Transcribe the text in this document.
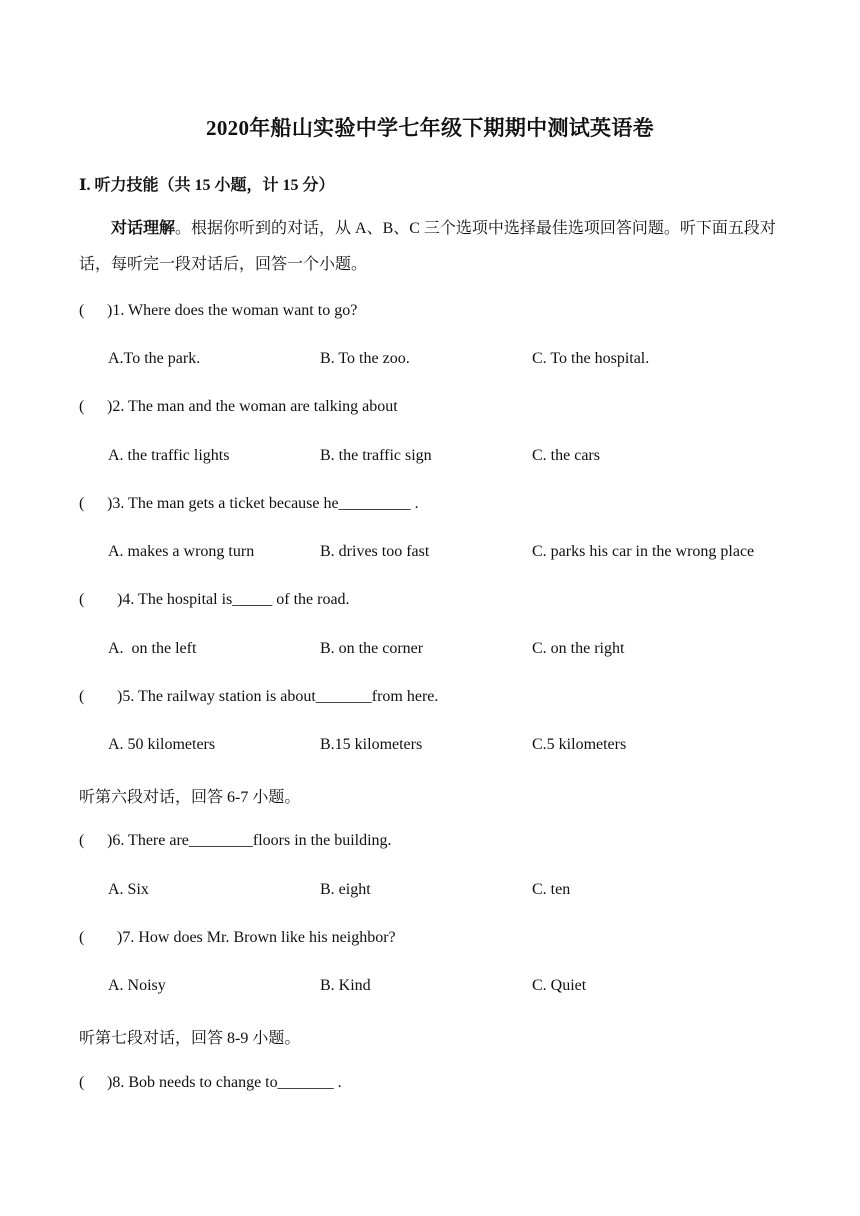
2020年船山实验中学七年级下期期中测试英语卷
Ⅰ. 听力技能（共 15 小题，计 15 分）
对话理解。根据你听到的对话，从 A、B、C 三个选项中选择最佳选项回答问题。听下面五段对话，每听完一段对话后，回答一个小题。
( )1. Where does the woman want to go?
A.To the park.	B. To the zoo.	C. To the hospital.
( )2. The man and the woman are talking about
A. the traffic lights	B. the traffic sign	C. the cars
( )3. The man gets a ticket because he_________ .
A. makes a wrong turn	B. drives too fast	C. parks his car in the wrong place
( )4. The hospital is_____ of the road.
A.  on the left	B. on the corner	C. on the right
( )5. The railway station is about_______from here.
A. 50 kilometers	B.15 kilometers	C.5 kilometers
听第六段对话，回答 6-7 小题。
( )6. There are________floors in the building.
A. Six	B. eight	C. ten
( )7. How does Mr. Brown like his neighbor?
A. Noisy	B. Kind	C. Quiet
听第七段对话，回答 8-9 小题。
( )8. Bob needs to change to_______ .
